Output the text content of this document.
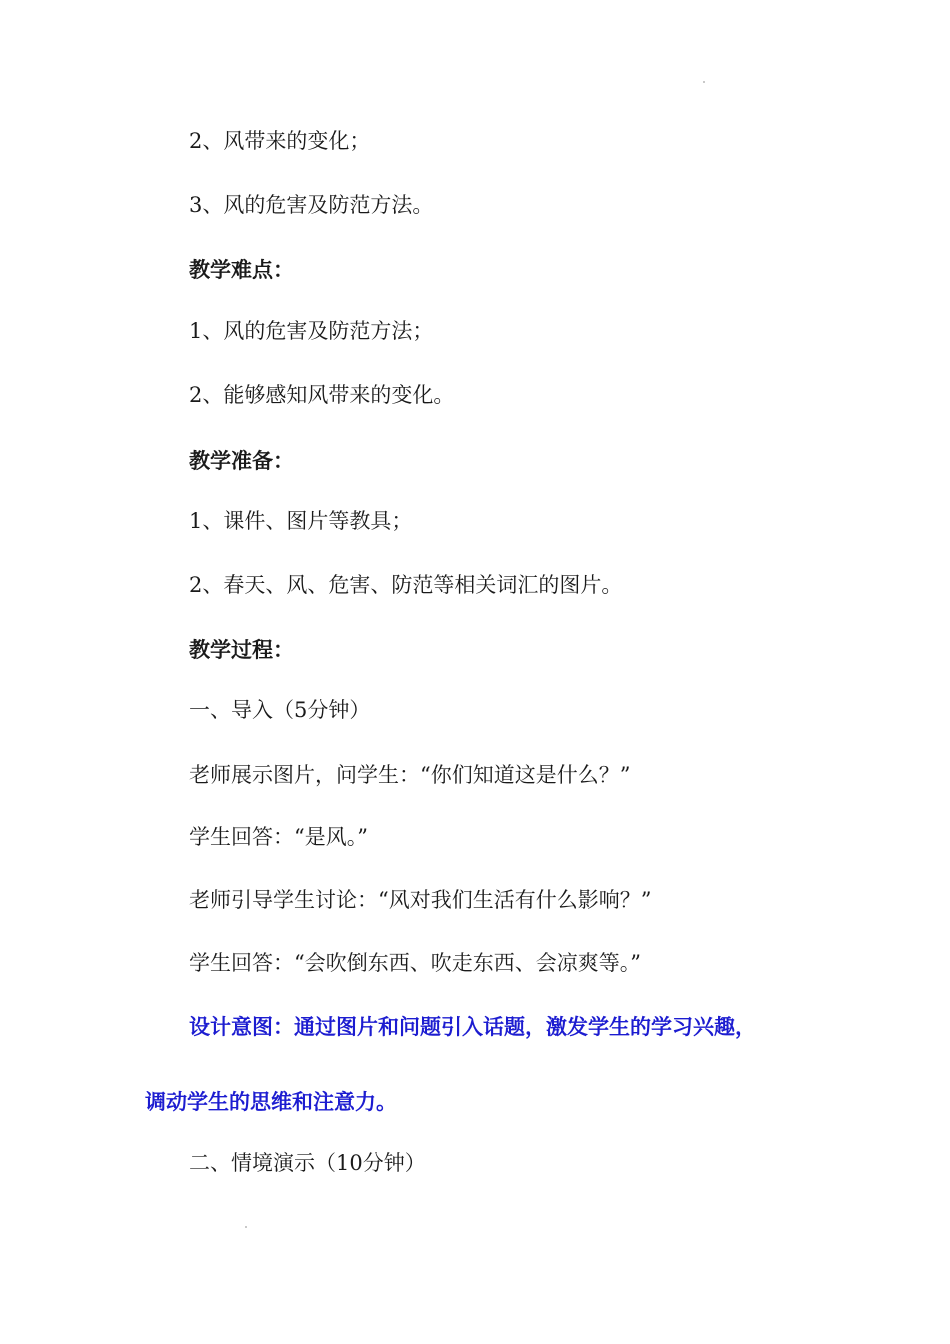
2、风带来的变化；
3、风的危害及防范方法。
教学难点：
1、风的危害及防范方法；
2、能够感知风带来的变化。
教学准备：
1、课件、图片等教具；
2、春天、风、危害、防范等相关词汇的图片。
教学过程：
一、导入（5分钟）
老师展示图片，问学生：“你们知道这是什么？”
学生回答：“是风。”
老师引导学生讨论：“风对我们生活有什么影响？”
学生回答：“会吹倒东西、吹走东西、会凉爽等。”
设计意图：通过图片和问题引入话题，激发学生的学习兴趣，
调动学生的思维和注意力。
二、情境演示（10分钟）
